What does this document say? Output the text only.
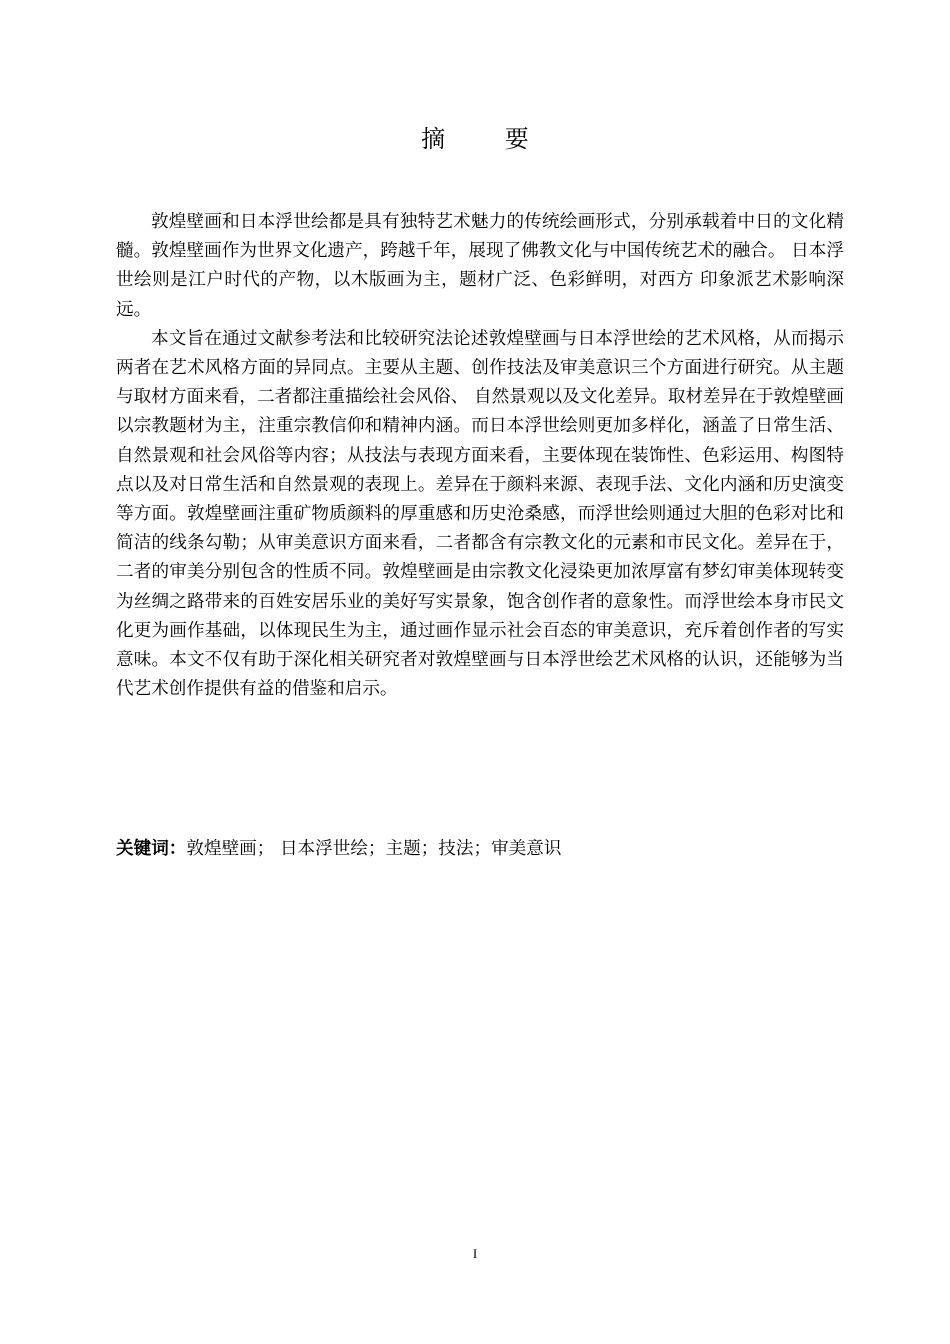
摘 要

敦煌壁画和日本浮世绘都是具有独特艺术魅力的传统绘画形式，分别承载着中日的文化精髓。敦煌壁画作为世界文化遗产，跨越千年，展现了佛教文化与中国传统艺术的融合。 日本浮世绘则是江户时代的产物，以木版画为主，题材广泛、色彩鲜明，对西方 印象派艺术影响深远。

本文旨在通过文献参考法和比较研究法论述敦煌壁画与日本浮世绘的艺术风格，从而揭示两者在艺术风格方面的异同点。主要从主题、创作技法及审美意识三个方面进行研究。从主题与取材方面来看，二者都注重描绘社会风俗、 自然景观以及文化差异。取材差异在于敦煌壁画以宗教题材为主，注重宗教信仰和精神内涵。而日本浮世绘则更加多样化，涵盖了日常生活、 自然景观和社会风俗等内容；从技法与表现方面来看，主要体现在装饰性、色彩运用、构图特点以及对日常生活和自然景观的表现上。差异在于颜料来源、表现手法、文化内涵和历史演变等方面。敦煌壁画注重矿物质颜料的厚重感和历史沧桑感，而浮世绘则通过大胆的色彩对比和简洁的线条勾勒；从审美意识方面来看，二者都含有宗教文化的元素和市民文化。差异在于，二者的审美分别包含的性质不同。敦煌壁画是由宗教文化浸染更加浓厚富有梦幻审美体现转变为丝绸之路带来的百姓安居乐业的美好写实景象，饱含创作者的意象性。而浮世绘本身市民文化更为画作基础，以体现民生为主，通过画作显示社会百态的审美意识，充斥着创作者的写实意味。本文不仅有助于深化相关研究者对敦煌壁画与日本浮世绘艺术风格的认识，还能够为当代艺术创作提供有益的借鉴和启示。

关键词：敦煌壁画； 日本浮世绘；主题；技法；审美意识
I
